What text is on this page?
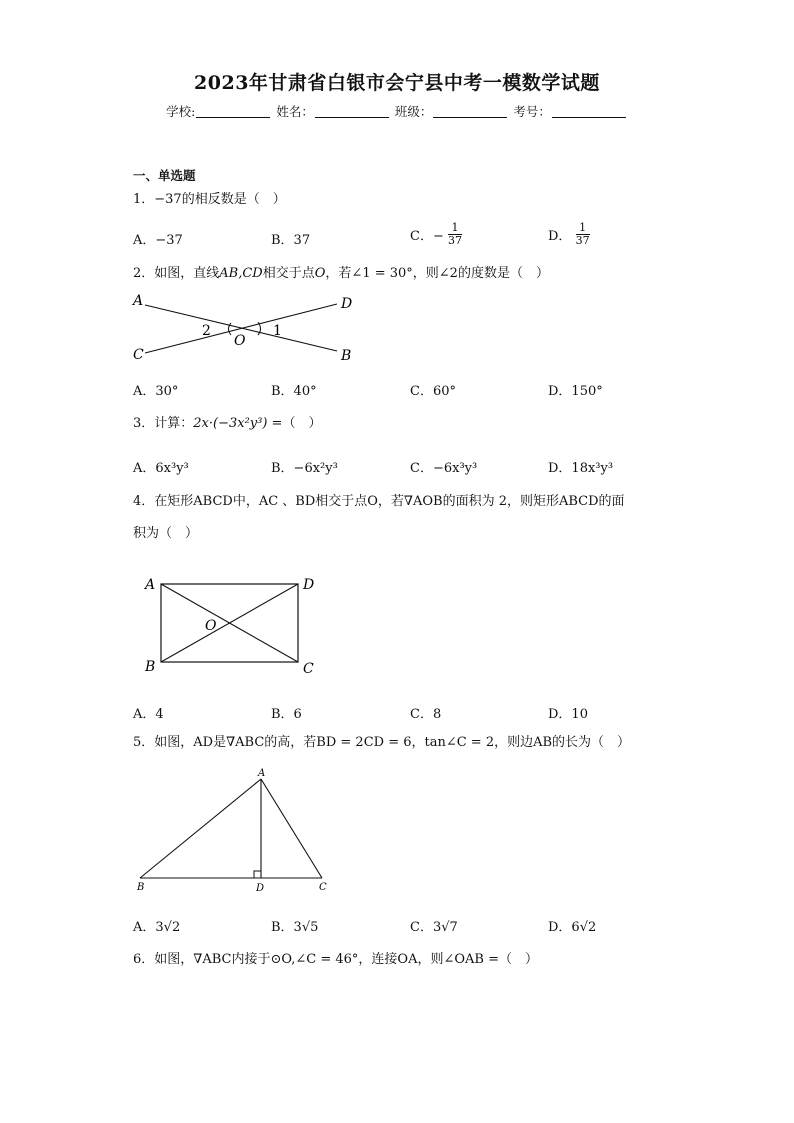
2023年甘肃省白银市会宁县中考一模数学试题
学校:	姓名：	班级：	考号：
一、单选题
1．−37的相反数是（　）
A．−37	B．37	C．− $\frac{1}{37}$	D． $\frac{1}{37}$
2．如图，直线AB,CD相交于点O，若∠1 = 30°，则∠2的度数是（　）
A
C
D
B
O
2	1
A．30°	B．40°	C．60°	D．150°
3．计算：2x·(−3x²y³) =（　）
A．6x³y³	B．−6x²y³	C．−6x³y³	D．18x³y³
4．在矩形ABCD中，AC 、BD相交于点O，若∇AOB的面积为 2，则矩形ABCD的面
积为（　）
A
B
D
C
O
A．4	B．6	C．8	D．10
5．如图，AD是∇ABC的高，若BD = 2CD = 6，tan∠C = 2，则边AB的长为（　）
A
B	D	C
A．3√2	B．3√5	C．3√7	D．6√2
6．如图，∇ABC内接于⊙O,∠C = 46°，连接OA，则∠OAB =（　）
